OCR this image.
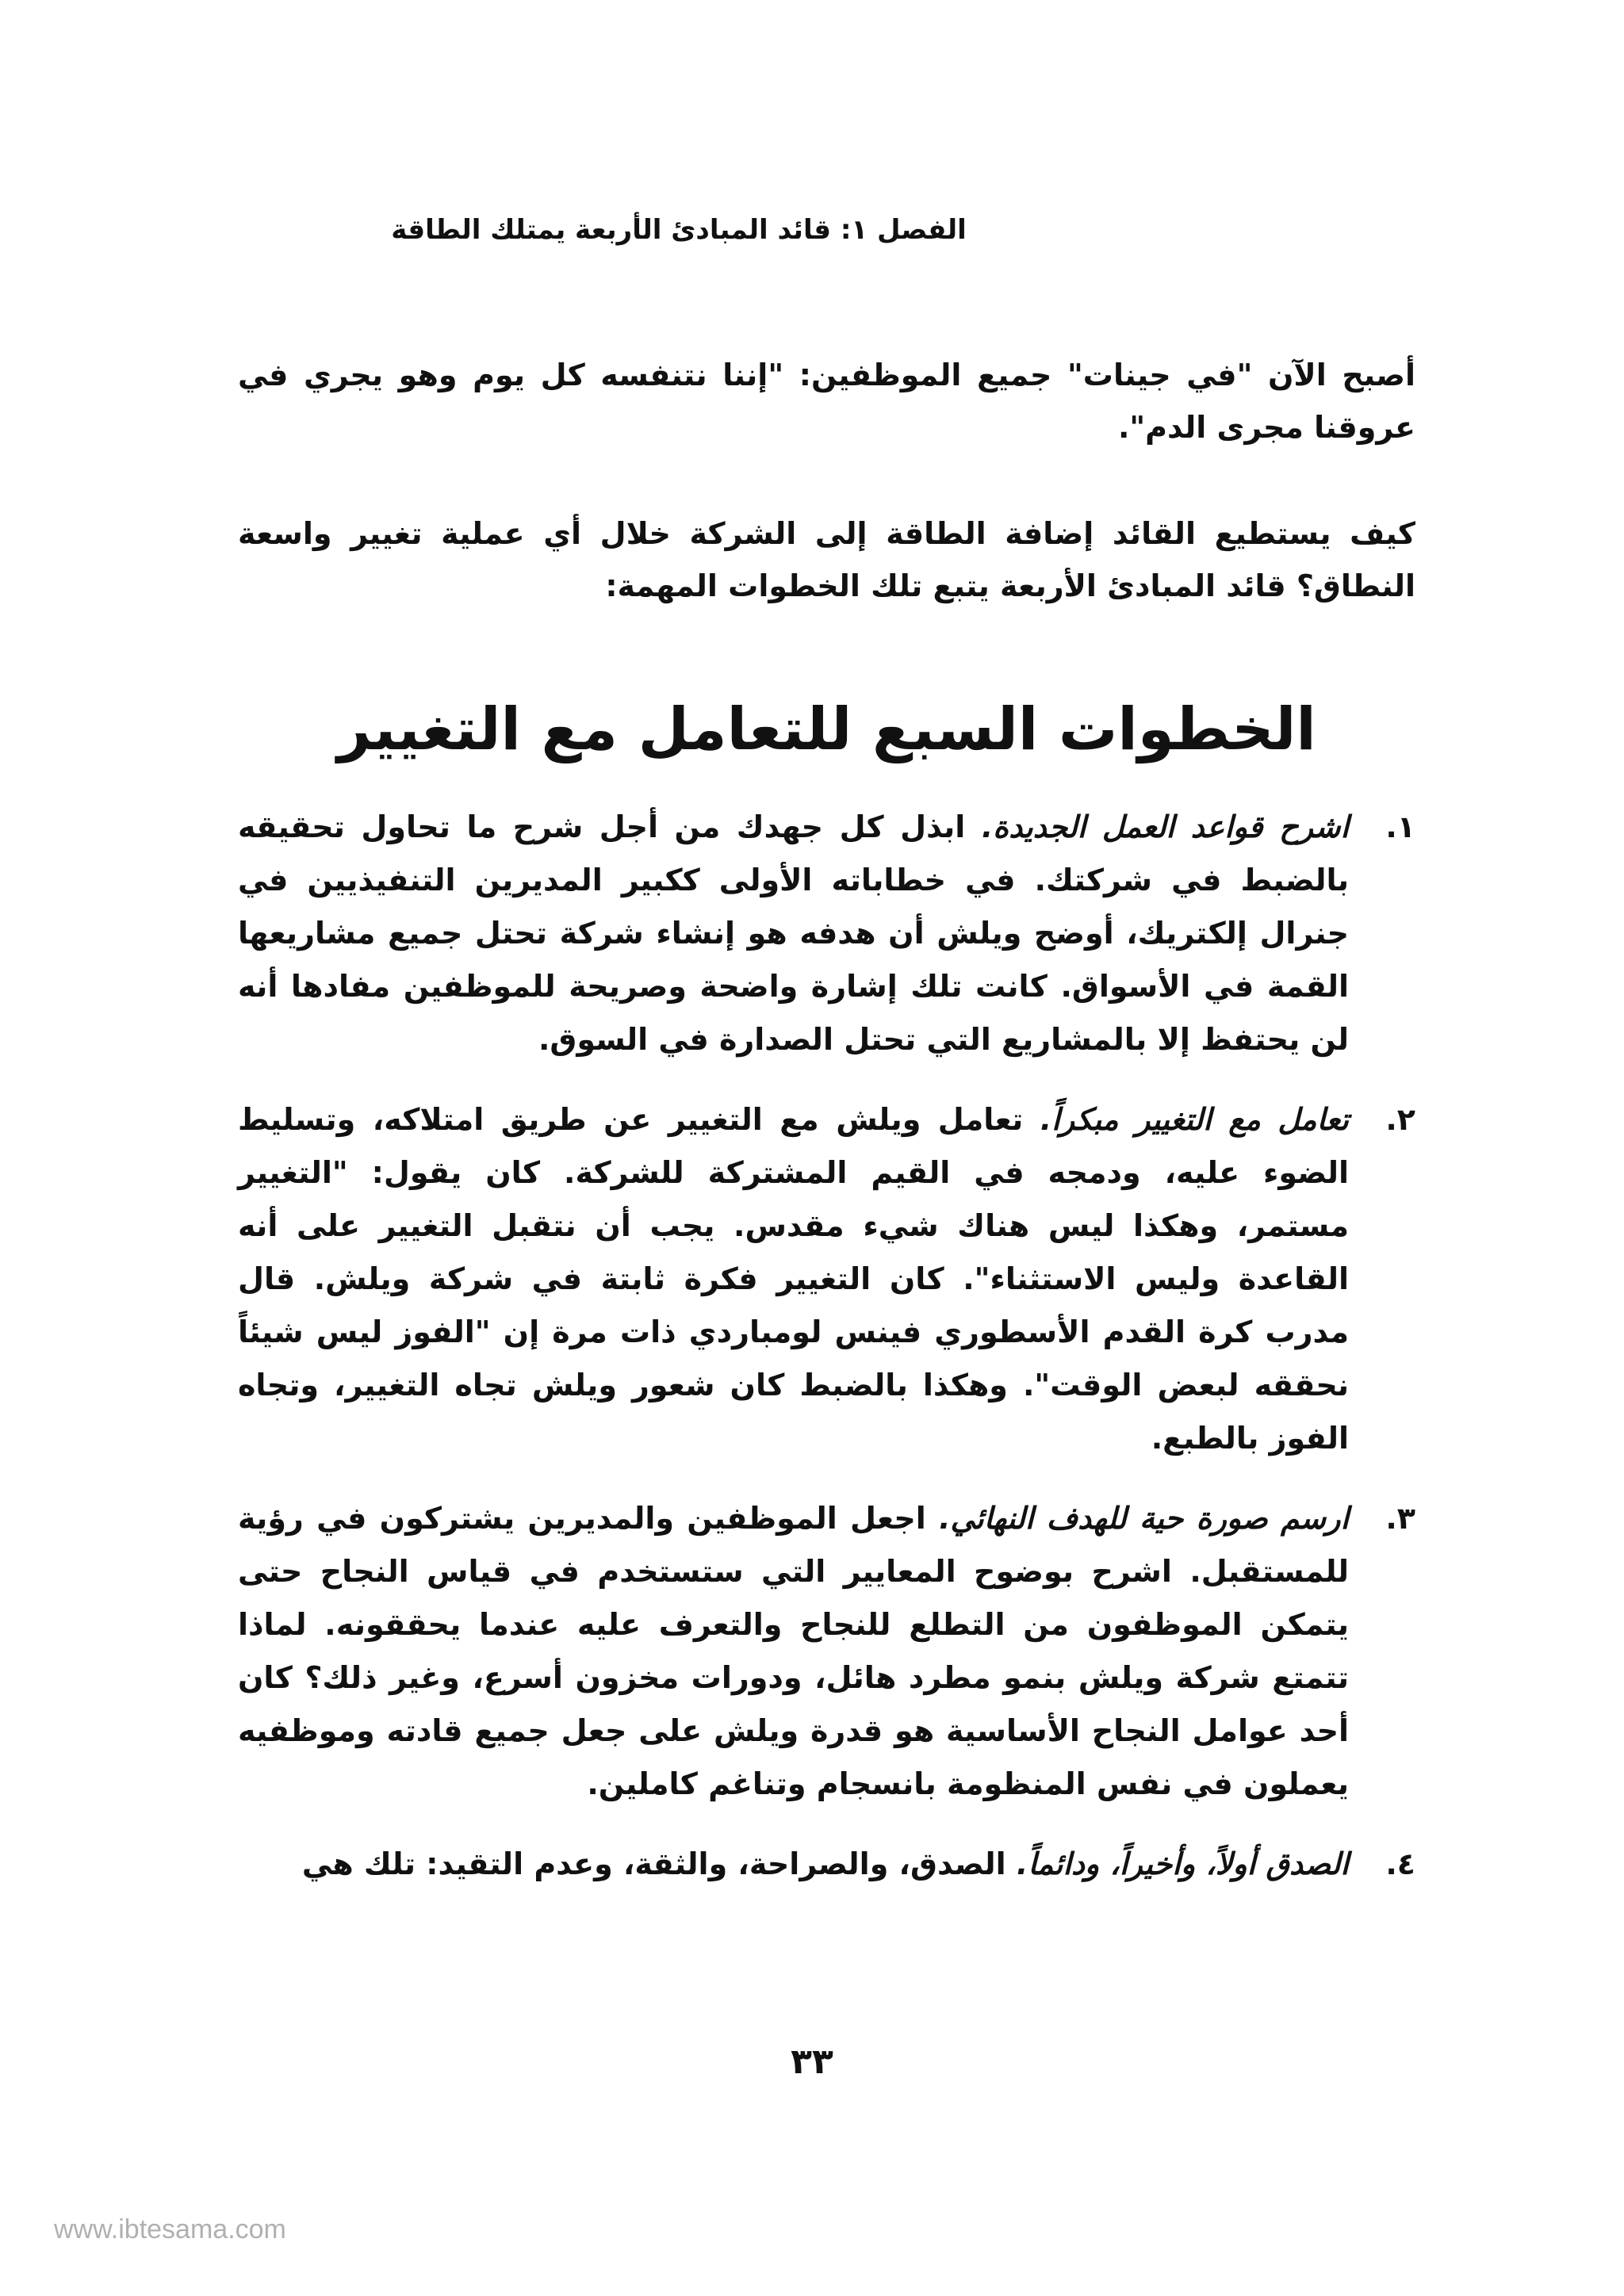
الفصل ١: قائد المبادئ الأربعة يمتلك الطاقة

أصبح الآن "في جينات" جميع الموظفين: "إننا نتنفسه كل يوم وهو يجري في عروقنا مجرى الدم".

كيف يستطيع القائد إضافة الطاقة إلى الشركة خلال أي عملية تغيير واسعة النطاق؟ قائد المبادئ الأربعة يتبع تلك الخطوات المهمة:

الخطوات السبع للتعامل مع التغيير
١.
اشرح قواعد العمل الجديدة. ابذل كل جهدك من أجل شرح ما تحاول تحقيقه بالضبط في شركتك. في خطاباته الأولى ككبير المديرين التنفيذيين في جنرال إلكتريك، أوضح ويلش أن هدفه هو إنشاء شركة تحتل جميع مشاريعها القمة في الأسواق. كانت تلك إشارة واضحة وصريحة للموظفين مفادها أنه لن يحتفظ إلا بالمشاريع التي تحتل الصدارة في السوق.
٢.
تعامل مع التغيير مبكراً. تعامل ويلش مع التغيير عن طريق امتلاكه، وتسليط الضوء عليه، ودمجه في القيم المشتركة للشركة. كان يقول: "التغيير مستمر، وهكذا ليس هناك شيء مقدس. يجب أن نتقبل التغيير على أنه القاعدة وليس الاستثناء". كان التغيير فكرة ثابتة في شركة ويلش. قال مدرب كرة القدم الأسطوري فينس لومباردي ذات مرة إن "الفوز ليس شيئاً نحققه لبعض الوقت". وهكذا بالضبط كان شعور ويلش تجاه التغيير، وتجاه الفوز بالطبع.
٣.
ارسم صورة حية للهدف النهائي. اجعل الموظفين والمديرين يشتركون في رؤية للمستقبل. اشرح بوضوح المعايير التي ستستخدم في قياس النجاح حتى يتمكن الموظفون من التطلع للنجاح والتعرف عليه عندما يحققونه. لماذا تتمتع شركة ويلش بنمو مطرد هائل، ودورات مخزون أسرع، وغير ذلك؟ كان أحد عوامل النجاح الأساسية هو قدرة ويلش على جعل جميع قادته وموظفيه يعملون في نفس المنظومة بانسجام وتناغم كاملين.
٤.
الصدق أولاً، وأخيراً، ودائماً. الصدق، والصراحة، والثقة، وعدم التقيد: تلك هي
٣٣
www.ibtesama.com
